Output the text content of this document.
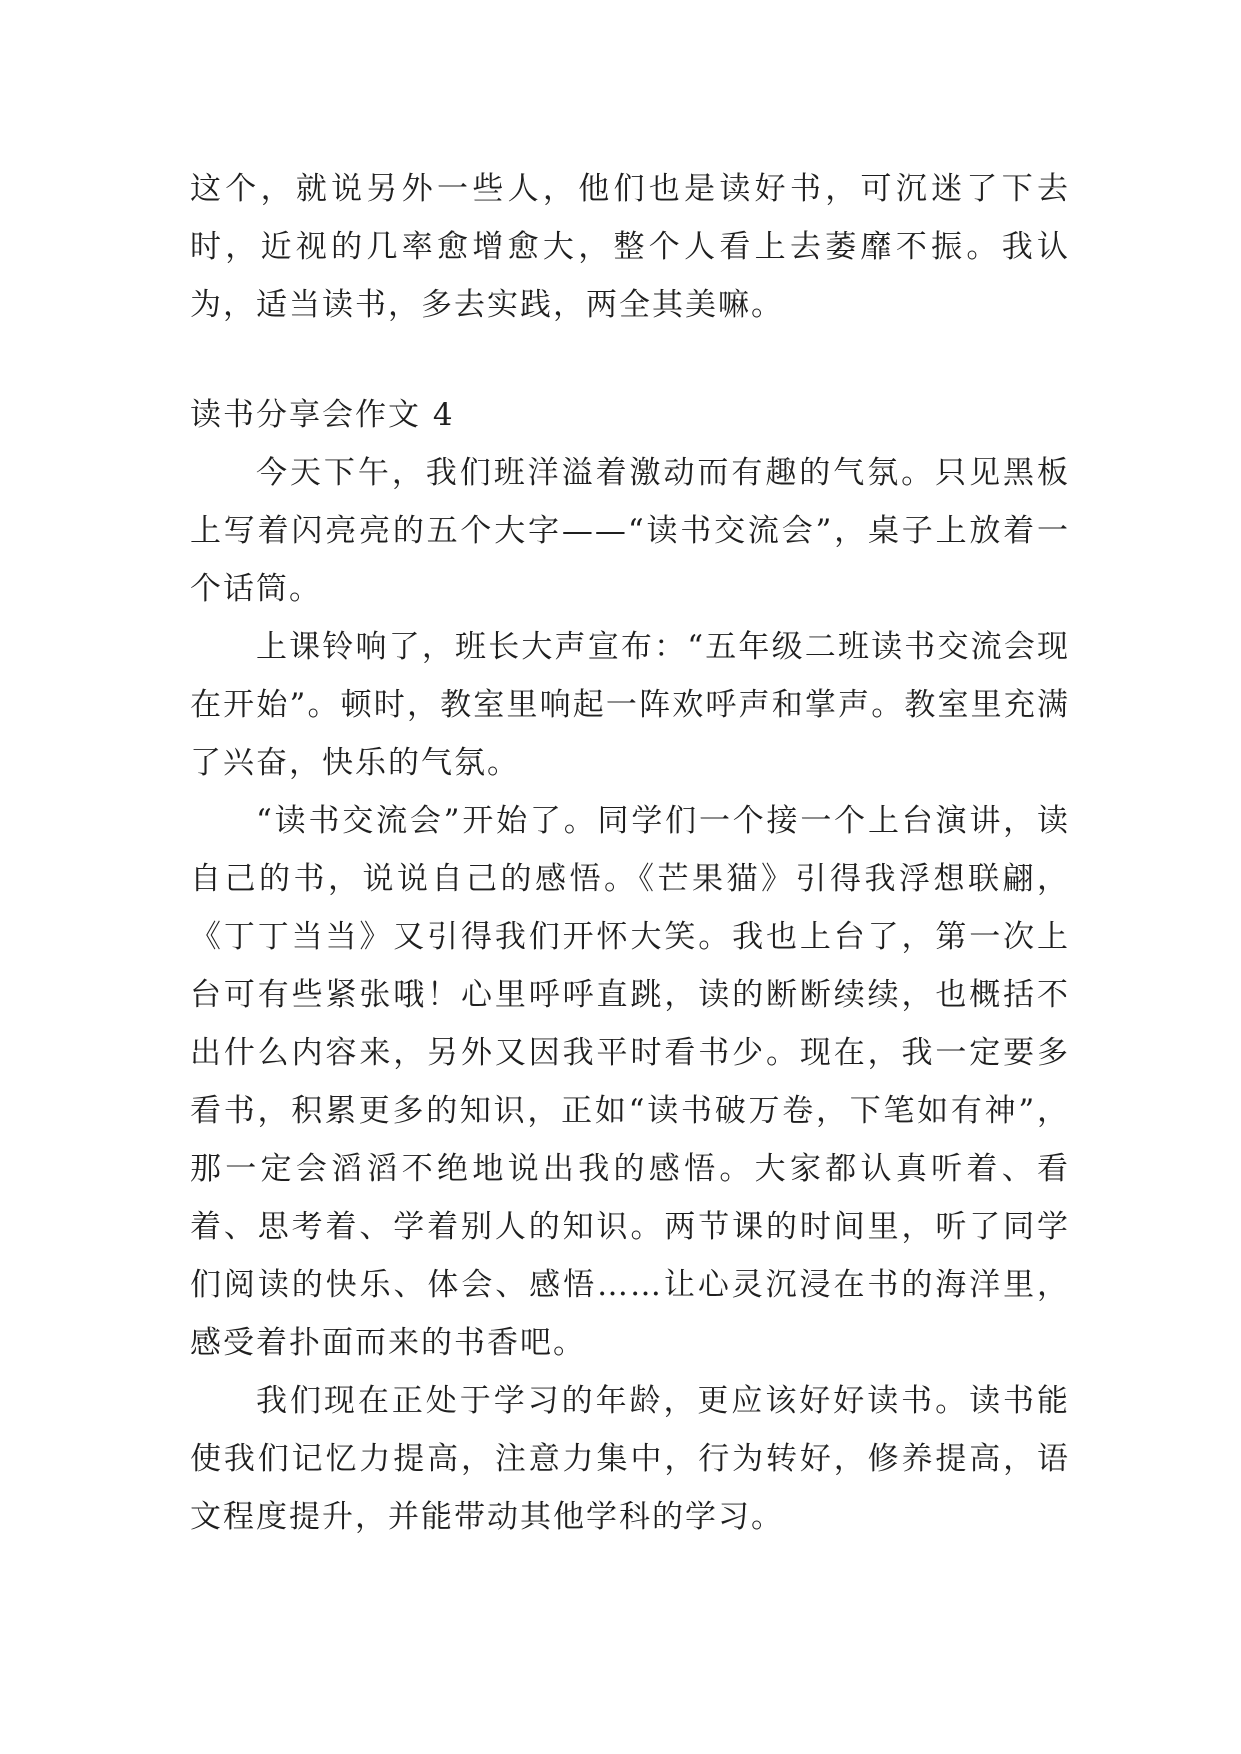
这个，就说另外一些人，他们也是读好书，可沉迷了下去时，近视的几率愈增愈大，整个人看上去萎靡不振。我认为，适当读书，多去实践，两全其美嘛。

读书分享会作文 4

今天下午，我们班洋溢着激动而有趣的气氛。只见黑板上写着闪亮亮的五个大字——“读书交流会”，桌子上放着一个话筒。

上课铃响了，班长大声宣布：“五年级二班读书交流会现在开始”。顿时，教室里响起一阵欢呼声和掌声。教室里充满了兴奋，快乐的气氛。

“读书交流会”开始了。同学们一个接一个上台演讲，读自己的书，说说自己的感悟。《芒果猫》引得我浮想联翩，《丁丁当当》又引得我们开怀大笑。我也上台了，第一次上台可有些紧张哦！心里呼呼直跳，读的断断续续，也概括不出什么内容来，另外又因我平时看书少。现在，我一定要多看书，积累更多的知识，正如“读书破万卷，下笔如有神”，那一定会滔滔不绝地说出我的感悟。大家都认真听着、看着、思考着、学着别人的知识。两节课的时间里，听了同学们阅读的快乐、体会、感悟……让心灵沉浸在书的海洋里，感受着扑面而来的书香吧。

我们现在正处于学习的年龄，更应该好好读书。读书能使我们记忆力提高，注意力集中，行为转好，修养提高，语文程度提升，并能带动其他学科的学习。
